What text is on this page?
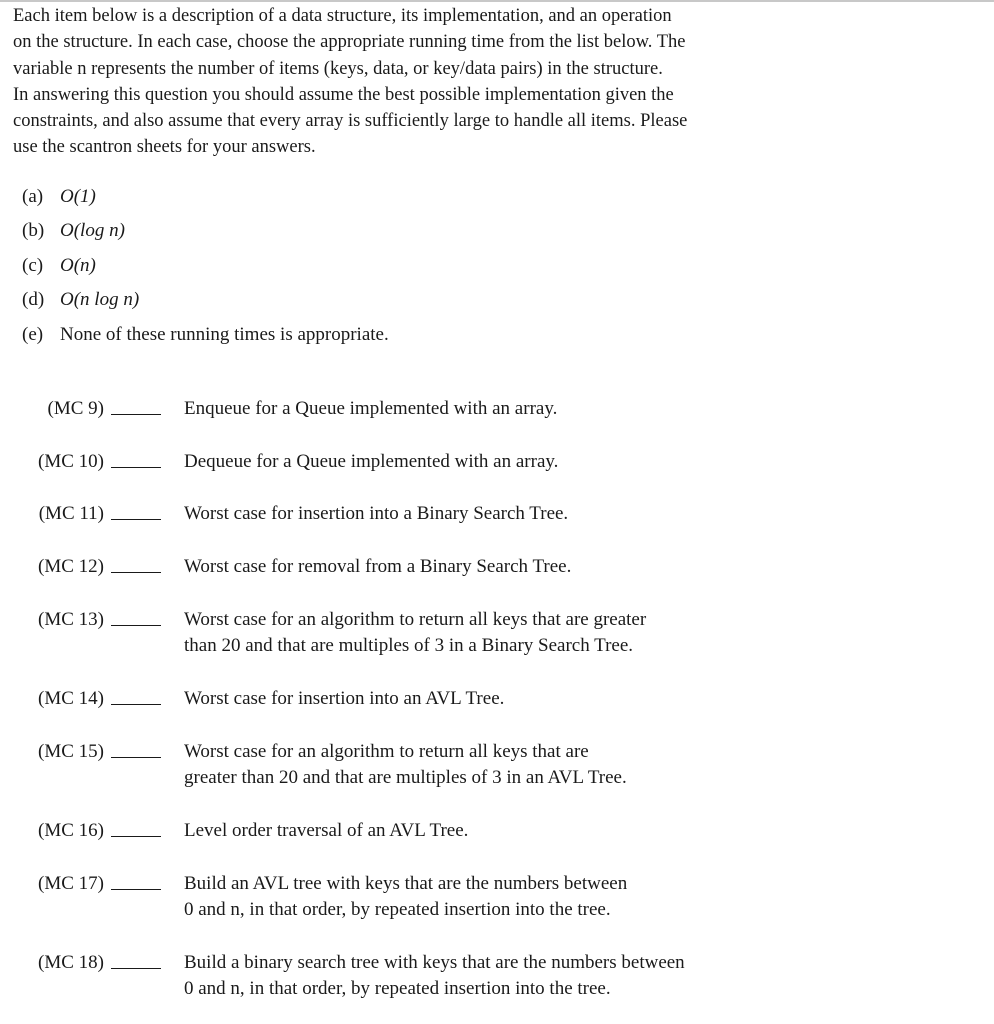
Each item below is a description of a data structure, its implementation, and an operation
on the structure. In each case, choose the appropriate running time from the list below. The
variable n represents the number of items (keys, data, or key/data pairs) in the structure.
In answering this question you should assume the best possible implementation given the
constraints, and also assume that every array is sufficiently large to handle all items. Please
use the scantron sheets for your answers.
(a) O(1)
(b) O(log n)
(c) O(n)
(d) O(n log n)
(e) None of these running times is appropriate.
(MC 9)	Enqueue for a Queue implemented with an array.
(MC 10)	Dequeue for a Queue implemented with an array.
(MC 11)	Worst case for insertion into a Binary Search Tree.
(MC 12)	Worst case for removal from a Binary Search Tree.
(MC 13)	Worst case for an algorithm to return all keys that are greater
than 20 and that are multiples of 3 in a Binary Search Tree.
(MC 14)	Worst case for insertion into an AVL Tree.
(MC 15)	Worst case for an algorithm to return all keys that are
greater than 20 and that are multiples of 3 in an AVL Tree.
(MC 16)	Level order traversal of an AVL Tree.
(MC 17)	Build an AVL tree with keys that are the numbers between
0 and n, in that order, by repeated insertion into the tree.
(MC 18)	Build a binary search tree with keys that are the numbers between
0 and n, in that order, by repeated insertion into the tree.
